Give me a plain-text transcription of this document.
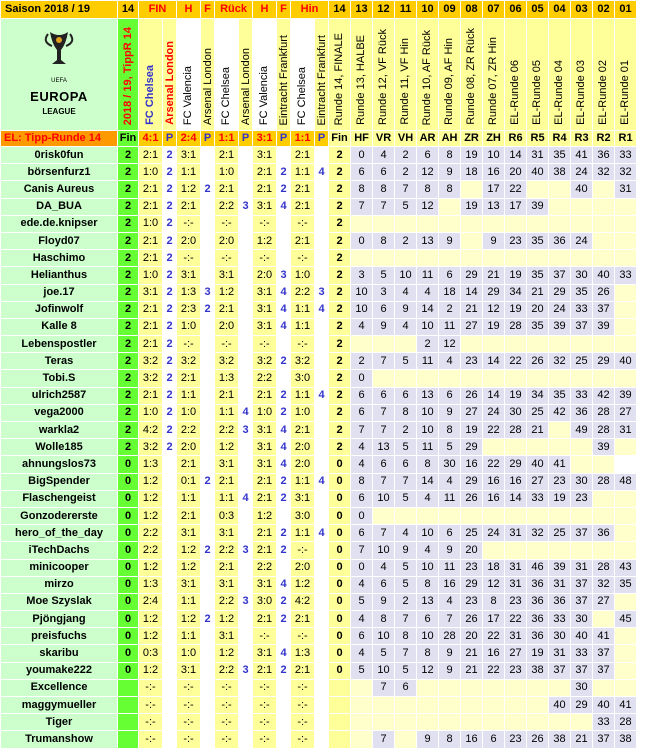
Saison 2018 / 19	14	FIN		H	F	Rück		H	F	Hin		14	13	12	11	10	09	08	07	06	05	04	03	02	01

UEFA
EUROPA
LEAGUE	2018 / 19, TippR 14	FC Chelsea	Arsenal London	FC Valencia	Arsenal London	FC Chelsea	Arsenal London	FC Valencia	Eintracht Frankfurt	FC Chelsea	Eintracht Frankfurt	Runde 14, FINALE	Runde 13, HALBE	Runde 12, VF Rück	Runde 11, VF Hin	Runde 10, AF Rück	Runde 09, AF Hin	Runde 08, ZR Rück	Runde 07, ZR Hin	EL-Runde 06	EL-Runde 05	EL-Runde 04	EL-Runde 03	EL-Runde 02	EL-Runde 01
EL: Tipp-Runde 14	Fin	4:1	P	2:4	P	1:1	P	3:1	P	1:1	P	Fin	HF	VR	VH	AR	AH	ZR	ZH	R6	R5	R4	R3	R2	R1
0risk0fun	2	2:1	2	3:1		2:1		3:1		2:1		2	0	4	2	6	8	19	10	14	31	35	41	36	33
börsenfurz1	2	1:0	2	1:1		1:0		2:1	2	1:1	4	2	6	6	2	12	9	18	16	20	40	38	24	32	32
Canis Aureus	2	2:1	2	1:2	2	2:1		2:1	2	2:1		2	8	8	7	8	8		17	22			40		31
DA_BUA	2	2:1	2	2:1		2:2	3	3:1	4	2:1		2	7	7	5	12		19	13	17	39				
ede.de.knipser	2	1:0	2	-:-		-:-		-:-		-:-		2													
Floyd07	2	2:1	2	2:0		2:0		1:2		2:1		2	0	8	2	13	9		9	23	35	36	24		
Haschimo	2	2:1	2	-:-		-:-		-:-		-:-		2													
Helianthus	2	1:0	2	3:1		3:1		2:0	3	1:0		2	3	5	10	11	6	29	21	19	35	37	30	40	33
joe.17	2	3:1	2	1:3	3	1:2		3:1	4	2:2	3	2	10	3	4	4	18	14	29	34	21	29	35	26	
Jofinwolf	2	2:1	2	2:3	2	2:1		3:1	4	1:1	4	2	10	6	9	14	2	21	12	19	20	24	33	37	
Kalle 8	2	2:1	2	1:0		2:0		3:1	4	1:1		2	4	9	4	10	11	27	19	28	35	39	37	39	
Lebenspostler	2	2:1	2	-:-		-:-		-:-		-:-		2				2	12								
Teras	2	3:2	2	3:2		3:2		3:2	2	3:2		2	2	7	5	11	4	23	14	22	26	32	25	29	40
Tobi.S	2	3:2	2	2:1		1:3		2:2		3:0		2	0												
ulrich2587	2	2:1	2	1:1		2:1		2:1	2	1:1	4	2	6	6	6	13	6	26	14	19	34	35	33	42	39
vega2000	2	1:0	2	1:0		1:1	4	1:0	2	1:0		2	6	7	8	10	9	27	24	30	25	42	36	28	27
warkla2	2	4:2	2	2:2		2:2	3	3:1	4	2:1		2	7	7	2	10	8	19	22	28	21		49	28	31
Wolle185	2	3:2	2	2:0		1:2		3:1	4	2:0		2	4	13	5	11	5	29						39	
ahnungslos73	0	1:3		2:1		3:1		3:1	4	2:0		0	4	6	6	8	30	16	22	29	40	41			
BigSpender	0	1:2		0:1	2	2:1		2:1	2	1:1	4	0	8	7	7	14	4	29	16	16	27	23	30	28	48
Flaschengeist	0	1:2		1:1		1:1	4	2:1	2	3:1		0	6	10	5	4	11	26	16	14	33	19	23		
Gonzodererste	0	1:2		2:1		0:3		1:2		3:0		0	0												
hero_of_the_day	0	2:2		3:1		3:1		2:1	2	1:1	4	0	6	7	4	10	6	25	24	31	32	25	37	36	
iTechDachs	0	2:2		1:2	2	2:2	3	2:1	2	-:-		0	7	10	9	4	9	20							
minicooper	0	1:2		1:2		2:1		2:2		2:0		0	0	4	5	10	11	23	18	31	46	39	31	28	43
mirzo	0	1:3		3:1		3:1		3:1	4	1:2		0	4	6	5	8	16	29	12	31	36	31	37	32	35
Moe Szyslak	0	2:4		1:1		2:2	3	3:0	2	4:2		0	5	9	2	13	4	23	8	23	36	36	37	27	
Pjöngjang	0	1:2		1:2	2	1:2		2:1	2	2:1		0	4	8	7	6	7	26	17	22	36	33	30		45
preisfuchs	0	1:2		1:1		3:1		-:-		-:-		0	6	10	8	10	28	20	22	31	36	30	40	41	
skaribu	0	0:3		1:0		1:2		3:1	4	1:3		0	4	5	7	8	9	21	16	27	19	31	33	37	
youmake222	0	1:2		3:1		2:2	3	2:1	2	2:1		0	5	10	5	12	9	21	22	23	38	37	37	37	
Excellence		-:-		-:-		-:-		-:-		-:-				7	6								30		
maggymueller		-:-		-:-		-:-		-:-		-:-												40	29	40	41
Tiger		-:-		-:-		-:-		-:-		-:-														33	28
Trumanshow		-:-		-:-		-:-		-:-		-:-				7		9	8	16	6	23	26	38	21	37	38
